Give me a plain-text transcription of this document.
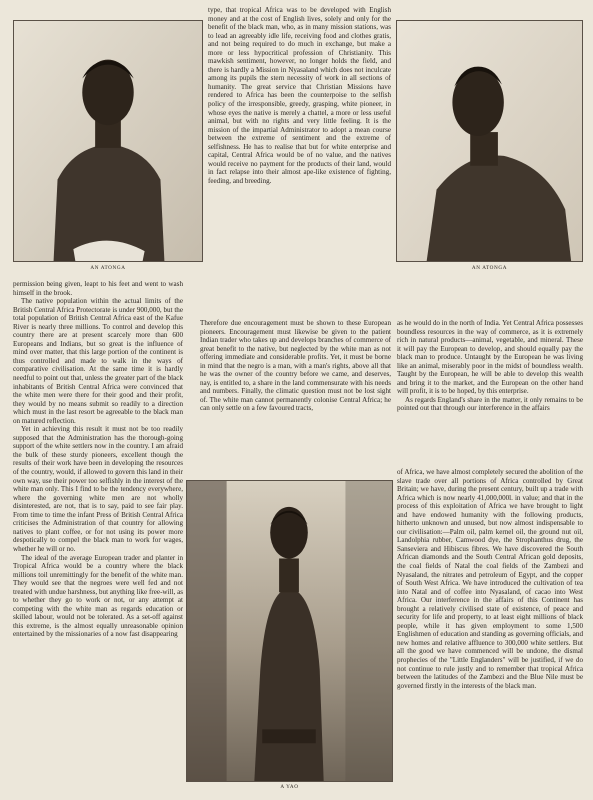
AN ATONGA	AN ATONGA
A YAO

type, that tropical Africa was to be developed with English money and at the cost of English lives, solely and only for the benefit of the black man, who, as in many mission stations, was to lead an agreeably idle life, receiving food and clothes gratis, and not being required to do much in exchange, but make a more or less hypocritical profession of Christianity. This mawkish sentiment, however, no longer holds the field, and there is hardly a Mission in Nyasaland which does not inculcate among its pupils the stern necessity of work in all sections of humanity. The great service that Christian Missions have rendered to Africa has been the counterpoise to the selfish policy of the irresponsible, greedy, grasping, white pioneer, in whose eyes the native is merely a chattel, a more or less useful animal, but with no rights and very little feeling. It is the mission of the impartial Administrator to adopt a mean course between the extreme of sentiment and the extreme of selfishness. He has to realise that but for white enterprise and capital, Central Africa would be of no value, and the natives would receive no payment for the products of their land, would in fact relapse into their almost ape-like existence of fighting, feeding, and breeding.

permission being given, leapt to his feet and went to wash himself in the brook.

The native population within the actual limits of the British Central Africa Protectorate is under 900,000, but the total population of British Central Africa east of the Kafue River is nearly three millions. To control and develop this country there are at present scarcely more than 600 Europeans and Indians, but so great is the influence of mind over matter, that this large portion of the continent is thus controlled and made to walk in the ways of comparative civilisation. At the same time it is hardly needful to point out that, unless the greater part of the black inhabitants of British Central Africa were convinced that the white men were there for their good and their profit, they would by no means submit so readily to a direction which must in the last resort be agreeable to the black man on matured reflection.

Yet in achieving this result it must not be too readily supposed that the Administration has the thorough-going support of the white settlers now in the country. I am afraid the bulk of these sturdy pioneers, excellent though the results of their work have been in developing the resources of the country, would, if allowed to govern this land in their own way, use their power too selfishly in the interest of the white man only. This I find to be the tendency everywhere, where the governing white men are not wholly disinterested, are not, that is to say, paid to see fair play. From time to time the infant Press of British Central Africa criticises the Administration of that country for allowing natives to plant coffee, or for not using its power more despotically to compel the black man to work for wages, whether he will or no.

The ideal of the average European trader and planter in Tropical Africa would be a country where the black millions toil unremittingly for the benefit of the white man. They would see that the negroes were well fed and not treated with undue harshness, but anything like free-will, as to whether they go to work or not, or any attempt at competing with the white man as regards education or skilled labour, would not be tolerated. As a set-off against this extreme, is the almost equally unreasonable opinion entertained by the missionaries of a now fast disappearing

Therefore due encouragement must be shown to these European pioneers. Encouragement must likewise be given to the patient Indian trader who takes up and develops branches of commerce of great benefit to the native, but neglected by the white man as not offering immediate and considerable profits. Yet, it must be borne in mind that the negro is a man, with a man's rights, above all that he was the owner of the country before we came, and deserves, nay, is entitled to, a share in the land commensurate with his needs and numbers. Finally, the climatic question must not be lost sight of. The white man cannot permanently colonise Central Africa; he can only settle on a few favoured tracts,

as he would do in the north of India. Yet Central Africa possesses boundless resources in the way of commerce, as it is extremely rich in natural products—animal, vegetable, and mineral. These it will pay the European to develop, and should equally pay the black man to produce. Untaught by the European he was living like an animal, miserably poor in the midst of boundless wealth. Taught by the European, he will be able to develop this wealth and bring it to the market, and the European on the other hand will profit, it is to be hoped, by this enterprise.

As regards England's share in the matter, it only remains to be pointed out that through our interference in the affairs

of Africa, we have almost completely secured the abolition of the slave trade over all portions of Africa controlled by Great Britain; we have, during the present century, built up a trade with Africa which is now nearly 41,000,000l. in value; and that in the process of this exploitation of Africa we have brought to light and have endowed humanity with the following products, hitherto unknown and unused, but now almost indispensable to our civilisation:—Palm oil, palm kernel oil, the ground nut oil, Landolphia rubber, Camwood dye, the Strophanthus drug, the Sanseviera and Hibiscus fibres. We have discovered the South African diamonds and the South Central African gold deposits, the coal fields of Natal the coal fields of the Zambezi and Nyasaland, the nitrates and petroleum of Egypt, and the copper of South West Africa. We have introduced the cultivation of tea into Natal and of coffee into Nyasaland, of cacao into West Africa. Our interference in the affairs of this Continent has brought a relatively civilised state of existence, of peace and security for life and property, to at least eight millions of black people, while it has given employment to some 1,500 Englishmen of education and standing as governing officials, and new homes and relative affluence to 300,000 white settlers. But all the good we have commenced will be undone, the dismal prophecies of the "Little Englanders" will be justified, if we do not continue to rule justly and to remember that tropical Africa between the latitudes of the Zambezi and the Blue Nile must be governed firstly in the interests of the black man.
